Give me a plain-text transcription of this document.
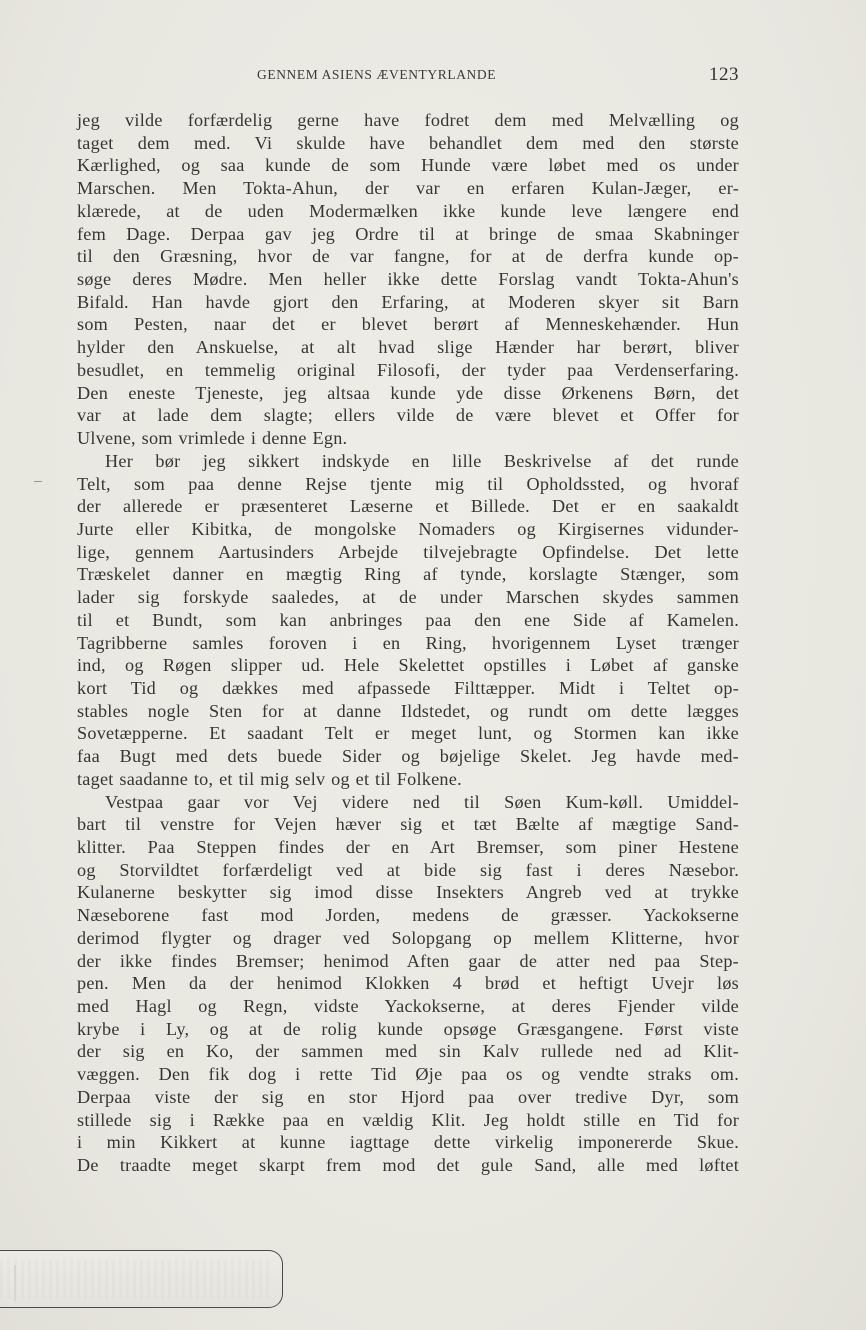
GENNEM ASIENS ÆVENTYRLANDE	123
jeg vilde forfærdelig gerne have fodret dem med Melvælling og
taget dem med. Vi skulde have behandlet dem med den største
Kærlighed, og saa kunde de som Hunde være løbet med os under
Marschen. Men Tokta-Ahun, der var en erfaren Kulan-Jæger, er-
klærede, at de uden Modermælken ikke kunde leve længere end
fem Dage. Derpaa gav jeg Ordre til at bringe de smaa Skabninger
til den Græsning, hvor de var fangne, for at de derfra kunde op-
søge deres Mødre. Men heller ikke dette Forslag vandt Tokta-Ahun's
Bifald. Han havde gjort den Erfaring, at Moderen skyer sit Barn
som Pesten, naar det er blevet berørt af Menneskehænder. Hun
hylder den Anskuelse, at alt hvad slige Hænder har berørt, bliver
besudlet, en temmelig original Filosofi, der tyder paa Verdenserfaring.
Den eneste Tjeneste, jeg altsaa kunde yde disse Ørkenens Børn, det
var at lade dem slagte; ellers vilde de være blevet et Offer for
Ulvene, som vrimlede i denne Egn.
Her bør jeg sikkert indskyde en lille Beskrivelse af det runde
Telt, som paa denne Rejse tjente mig til Opholdssted, og hvoraf
der allerede er præsenteret Læserne et Billede. Det er en saakaldt
Jurte eller Kibitka, de mongolske Nomaders og Kirgisernes vidunder-
lige, gennem Aartusinders Arbejde tilvejebragte Opfindelse. Det lette
Træskelet danner en mægtig Ring af tynde, korslagte Stænger, som
lader sig forskyde saaledes, at de under Marschen skydes sammen
til et Bundt, som kan anbringes paa den ene Side af Kamelen.
Tagribberne samles foroven i en Ring, hvorigennem Lyset trænger
ind, og Røgen slipper ud. Hele Skelettet opstilles i Løbet af ganske
kort Tid og dækkes med afpassede Filttæpper. Midt i Teltet op-
stables nogle Sten for at danne Ildstedet, og rundt om dette lægges
Sovetæpperne. Et saadant Telt er meget lunt, og Stormen kan ikke
faa Bugt med dets buede Sider og bøjelige Skelet. Jeg havde med-
taget saadanne to, et til mig selv og et til Folkene.
Vestpaa gaar vor Vej videre ned til Søen Kum-køll. Umiddel-
bart til venstre for Vejen hæver sig et tæt Bælte af mægtige Sand-
klitter. Paa Steppen findes der en Art Bremser, som piner Hestene
og Storvildtet forfærdeligt ved at bide sig fast i deres Næsebor.
Kulanerne beskytter sig imod disse Insekters Angreb ved at trykke
Næseborene fast mod Jorden, medens de græsser. Yackokserne
derimod flygter og drager ved Solopgang op mellem Klitterne, hvor
der ikke findes Bremser; henimod Aften gaar de atter ned paa Step-
pen. Men da der henimod Klokken 4 brød et heftigt Uvejr løs
med Hagl og Regn, vidste Yackokserne, at deres Fjender vilde
krybe i Ly, og at de rolig kunde opsøge Græsgangene. Først viste
der sig en Ko, der sammen med sin Kalv rullede ned ad Klit-
væggen. Den fik dog i rette Tid Øje paa os og vendte straks om.
Derpaa viste der sig en stor Hjord paa over tredive Dyr, som
stillede sig i Række paa en vældig Klit. Jeg holdt stille en Tid for
i min Kikkert at kunne iagttage dette virkelig imponererde Skue.
De traadte meget skarpt frem mod det gule Sand, alle med løftet
